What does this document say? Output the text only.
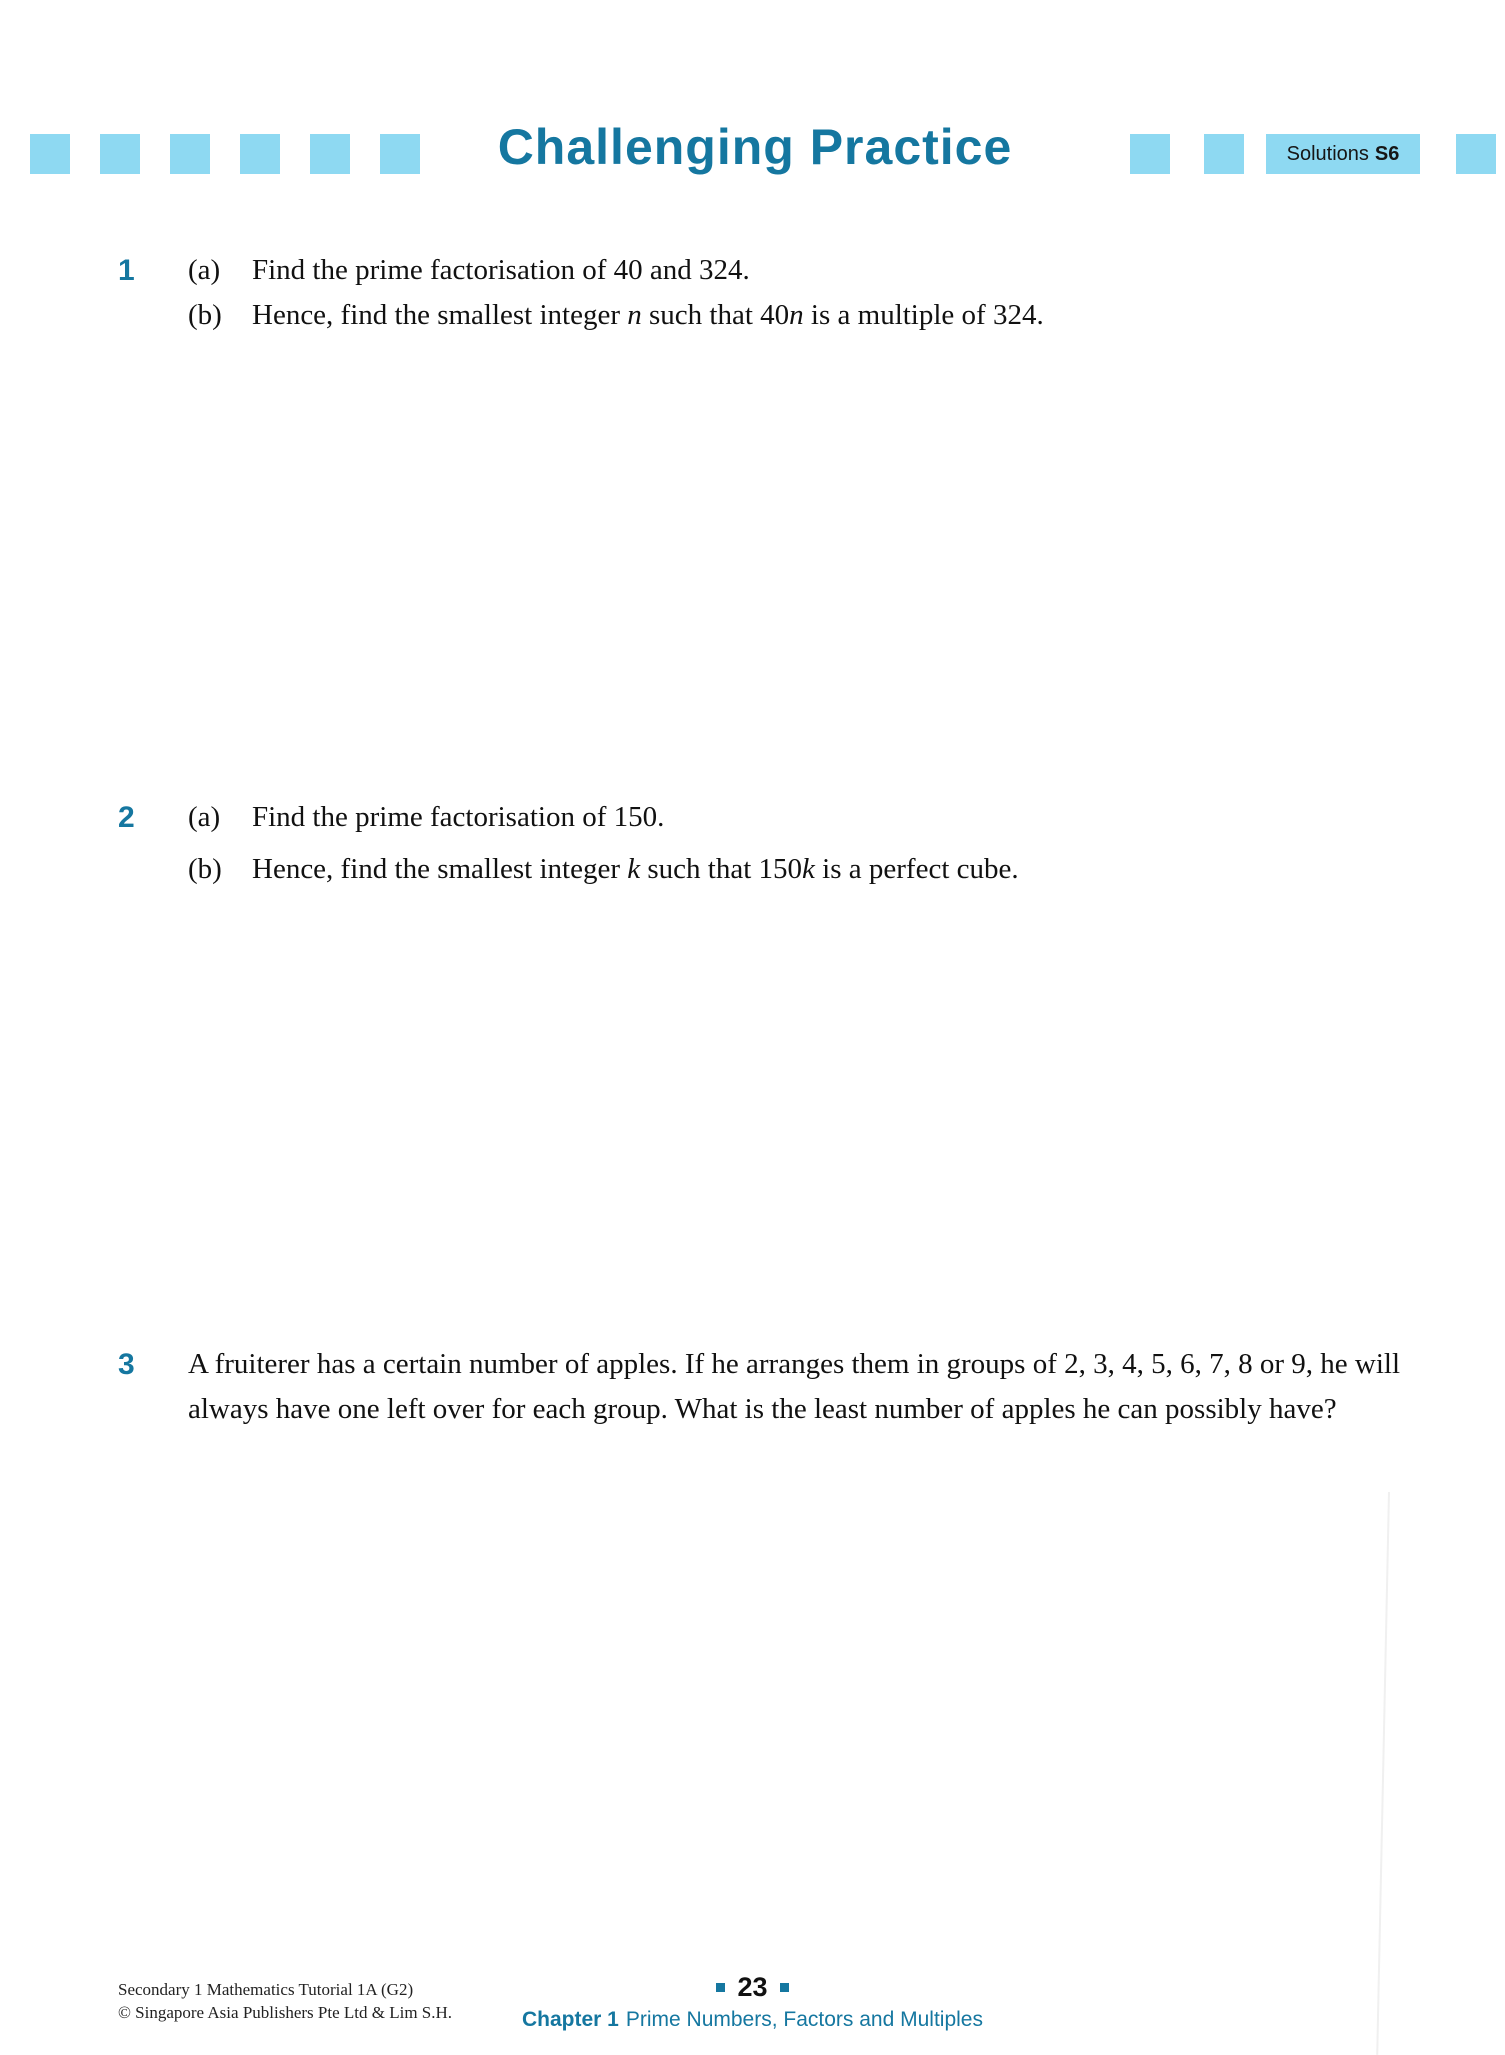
Challenging Practice	Solutions S6
1 (a) Find the prime factorisation of 40 and 324.
(b) Hence, find the smallest integer n such that 40n is a multiple of 324.
2 (a) Find the prime factorisation of 150.
(b) Hence, find the smallest integer k such that 150k is a perfect cube.
3 A fruiterer has a certain number of apples. If he arranges them in groups of 2, 3, 4, 5, 6, 7, 8 or 9, he will always have one left over for each group. What is the least number of apples he can possibly have?

Secondary 1 Mathematics Tutorial 1A (G2)
© Singapore Asia Publishers Pte Ltd & Lim S.H.
23
Chapter 1 Prime Numbers, Factors and Multiples
